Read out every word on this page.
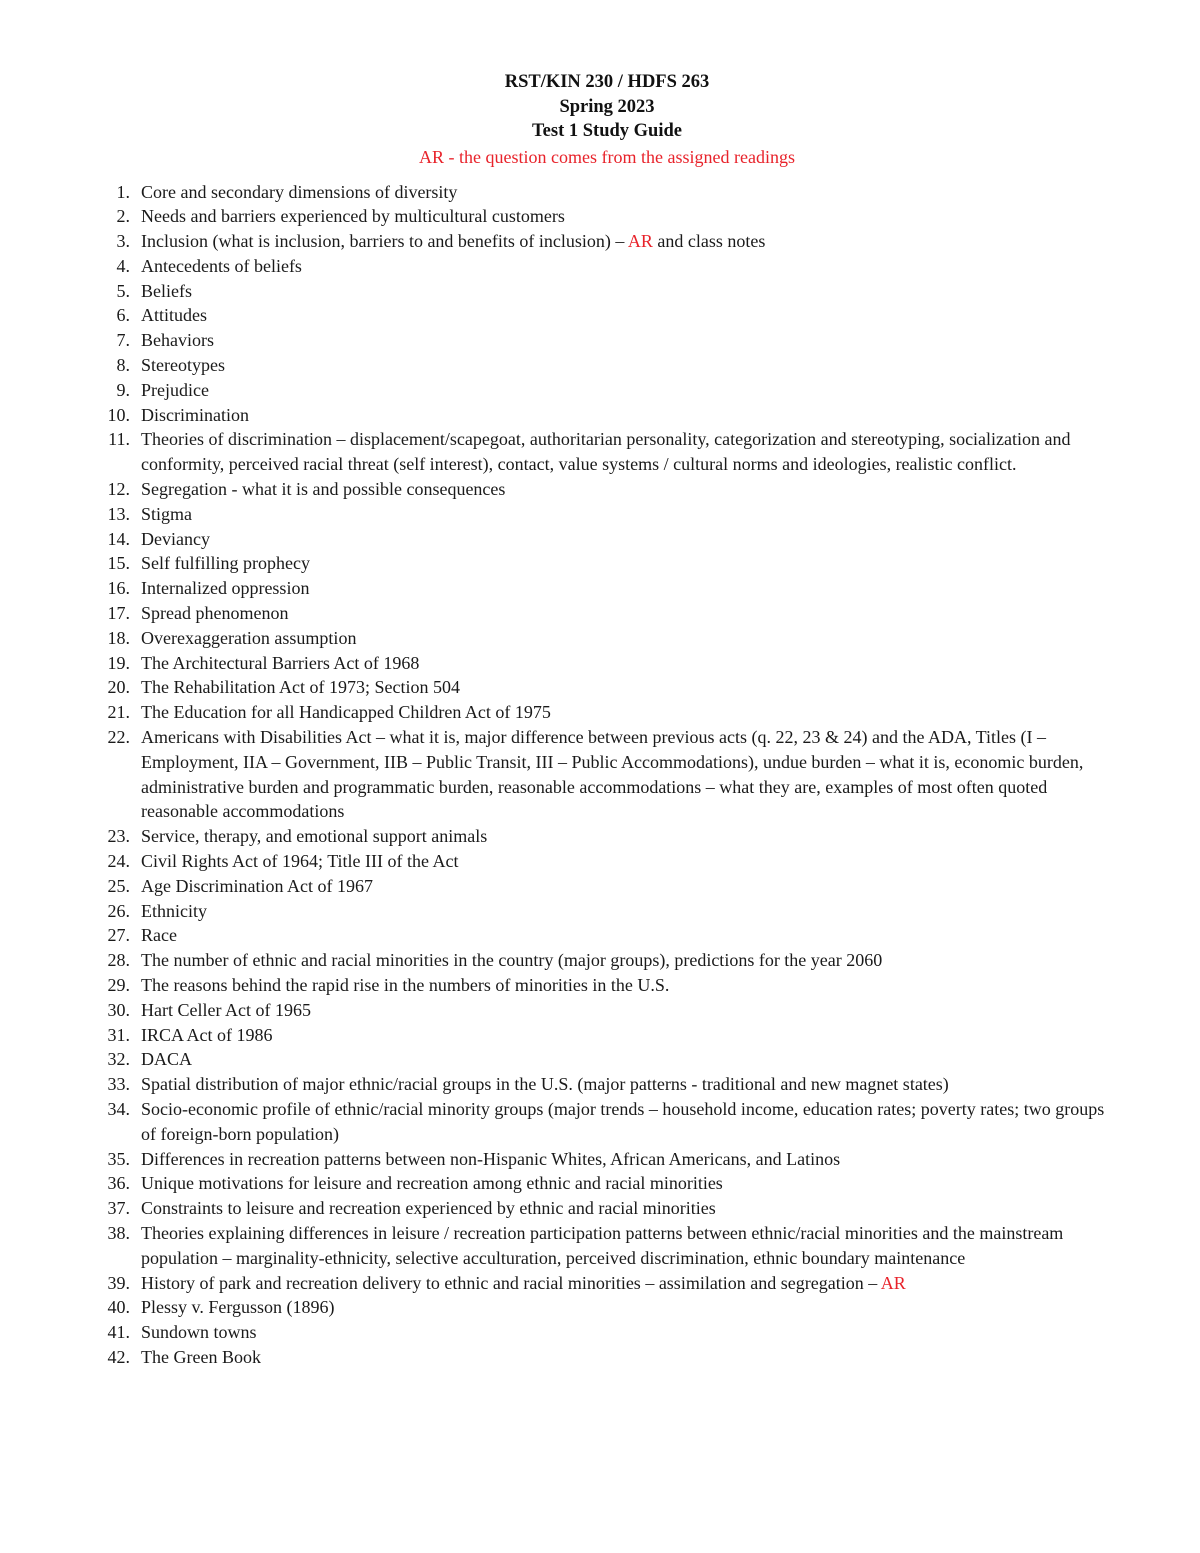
RST/KIN 230 / HDFS 263
Spring 2023
Test 1 Study Guide
AR - the question comes from the assigned readings
1. Core and secondary dimensions of diversity
2. Needs and barriers experienced by multicultural customers
3. Inclusion (what is inclusion, barriers to and benefits of inclusion) – AR and class notes
4. Antecedents of beliefs
5. Beliefs
6. Attitudes
7. Behaviors
8. Stereotypes
9. Prejudice
10. Discrimination
11. Theories of discrimination – displacement/scapegoat, authoritarian personality, categorization and stereotyping, socialization and conformity, perceived racial threat (self interest), contact, value systems / cultural norms and ideologies, realistic conflict.
12. Segregation - what it is and possible consequences
13. Stigma
14. Deviancy
15. Self fulfilling prophecy
16. Internalized oppression
17. Spread phenomenon
18. Overexaggeration assumption
19. The Architectural Barriers Act of 1968
20. The Rehabilitation Act of 1973; Section 504
21. The Education for all Handicapped Children Act of 1975
22. Americans with Disabilities Act – what it is, major difference between previous acts (q. 22, 23 & 24) and the ADA, Titles (I – Employment, IIA – Government, IIB – Public Transit, III – Public Accommodations), undue burden – what it is, economic burden, administrative burden and programmatic burden, reasonable accommodations – what they are, examples of most often quoted reasonable accommodations
23. Service, therapy, and emotional support animals
24. Civil Rights Act of 1964; Title III of the Act
25. Age Discrimination Act of 1967
26. Ethnicity
27. Race
28. The number of ethnic and racial minorities in the country (major groups), predictions for the year 2060
29. The reasons behind the rapid rise in the numbers of minorities in the U.S.
30. Hart Celler Act of 1965
31. IRCA Act of 1986
32. DACA
33. Spatial distribution of major ethnic/racial groups in the U.S. (major patterns - traditional and new magnet states)
34. Socio-economic profile of ethnic/racial minority groups (major trends – household income, education rates; poverty rates; two groups of foreign-born population)
35. Differences in recreation patterns between non-Hispanic Whites, African Americans, and Latinos
36. Unique motivations for leisure and recreation among ethnic and racial minorities
37. Constraints to leisure and recreation experienced by ethnic and racial minorities
38. Theories explaining differences in leisure / recreation participation patterns between ethnic/racial minorities and the mainstream population – marginality-ethnicity, selective acculturation, perceived discrimination, ethnic boundary maintenance
39. History of park and recreation delivery to ethnic and racial minorities – assimilation and segregation – AR
40. Plessy v. Fergusson (1896)
41. Sundown towns
42. The Green Book
